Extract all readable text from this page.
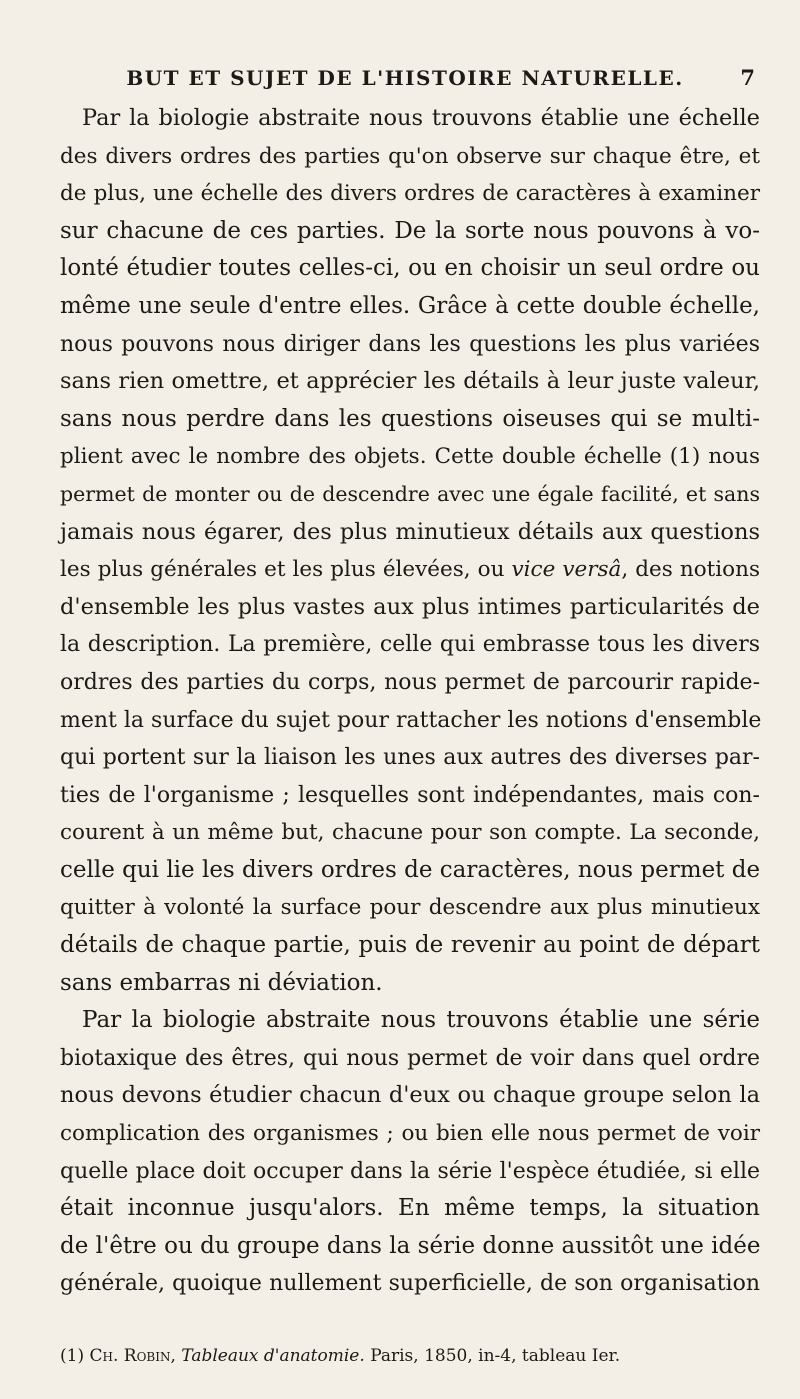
BUT ET SUJET DE L'HISTOIRE NATURELLE.	7
Par la biologie abstraite nous trouvons établie une échelle
des divers ordres des parties qu'on observe sur chaque être, et
de plus, une échelle des divers ordres de caractères à examiner
sur chacune de ces parties. De la sorte nous pouvons à vo-
lonté étudier toutes celles-ci, ou en choisir un seul ordre ou
même une seule d'entre elles. Grâce à cette double échelle,
nous pouvons nous diriger dans les questions les plus variées
sans rien omettre, et apprécier les détails à leur juste valeur,
sans nous perdre dans les questions oiseuses qui se multi-
plient avec le nombre des objets. Cette double échelle (1) nous
permet de monter ou de descendre avec une égale facilité, et sans
jamais nous égarer, des plus minutieux détails aux questions
les plus générales et les plus élevées, ou vice versâ, des notions
d'ensemble les plus vastes aux plus intimes particularités de
la description. La première, celle qui embrasse tous les divers
ordres des parties du corps, nous permet de parcourir rapide-
ment la surface du sujet pour rattacher les notions d'ensemble
qui portent sur la liaison les unes aux autres des diverses par-
ties de l'organisme ; lesquelles sont indépendantes, mais con-
courent à un même but, chacune pour son compte. La seconde,
celle qui lie les divers ordres de caractères, nous permet de
quitter à volonté la surface pour descendre aux plus minutieux
détails de chaque partie, puis de revenir au point de départ
sans embarras ni déviation.
Par la biologie abstraite nous trouvons établie une série
biotaxique des êtres, qui nous permet de voir dans quel ordre
nous devons étudier chacun d'eux ou chaque groupe selon la
complication des organismes ; ou bien elle nous permet de voir
quelle place doit occuper dans la série l'espèce étudiée, si elle
était inconnue jusqu'alors. En même temps, la situation
de l'être ou du groupe dans la série donne aussitôt une idée
générale, quoique nullement superficielle, de son organisation
(1) Ch. Robin, Tableaux d'anatomie. Paris, 1850, in-4, tableau Ier.
